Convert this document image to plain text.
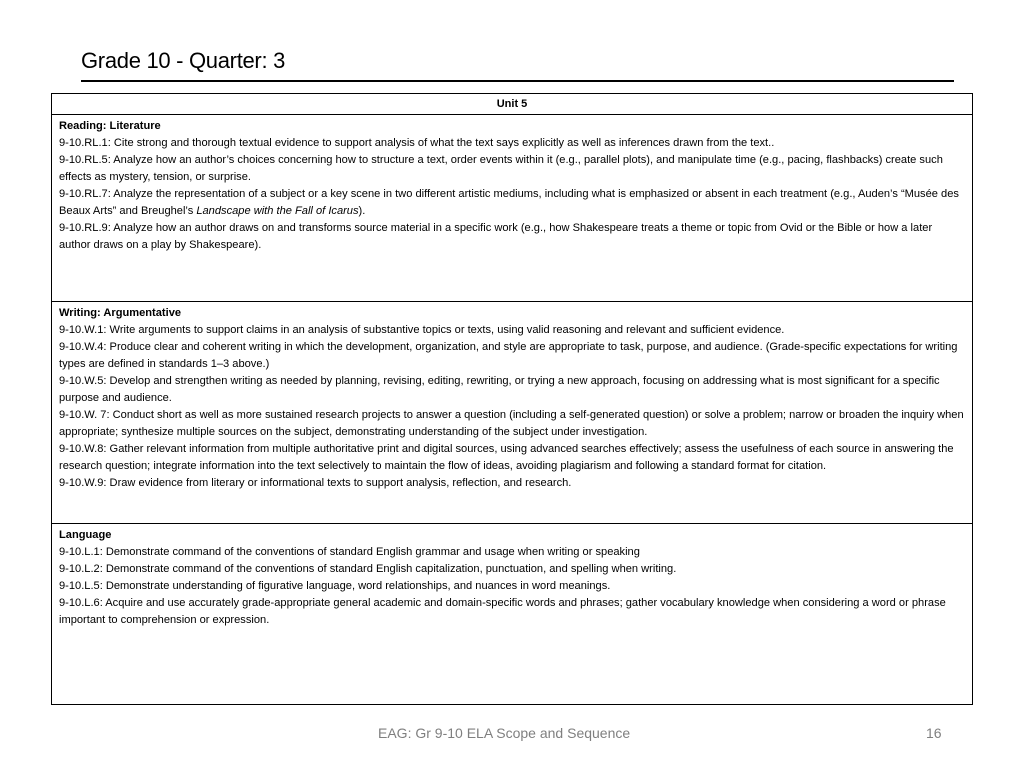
Grade 10 - Quarter: 3
Unit 5
Reading: Literature
9-10.RL.1: Cite strong and thorough textual evidence to support analysis of what the text says explicitly as well as inferences drawn from the text..
9-10.RL.5: Analyze how an author’s choices concerning how to structure a text, order events within it (e.g., parallel plots), and manipulate time (e.g., pacing, flashbacks) create such effects as mystery, tension, or surprise.
9-10.RL.7: Analyze the representation of a subject or a key scene in two different artistic mediums, including what is emphasized or absent in each treatment (e.g., Auden’s “Musée des Beaux Arts” and Breughel’s Landscape with the Fall of Icarus).
9-10.RL.9: Analyze how an author draws on and transforms source material in a specific work (e.g., how Shakespeare treats a theme or topic from Ovid or the Bible or how a later author draws on a play by Shakespeare).
Writing: Argumentative
9-10.W.1: Write arguments to support claims in an analysis of substantive topics or texts, using valid reasoning and relevant and sufficient evidence.
9-10.W.4: Produce clear and coherent writing in which the development, organization, and style are appropriate to task, purpose, and audience. (Grade-specific expectations for writing types are defined in standards 1–3 above.)
9-10.W.5: Develop and strengthen writing as needed by planning, revising, editing, rewriting, or trying a new approach, focusing on addressing what is most significant for a specific purpose and audience.
9-10.W. 7: Conduct short as well as more sustained research projects to answer a question (including a self-generated question) or solve a problem; narrow or broaden the inquiry when appropriate; synthesize multiple sources on the subject, demonstrating understanding of the subject under investigation.
9-10.W.8: Gather relevant information from multiple authoritative print and digital sources, using advanced searches effectively; assess the usefulness of each source in answering the research question; integrate information into the text selectively to maintain the flow of ideas, avoiding plagiarism and following a standard format for citation.
9-10.W.9: Draw evidence from literary or informational texts to support analysis, reflection, and research.
Language
9-10.L.1: Demonstrate command of the conventions of standard English grammar and usage when writing or speaking
9-10.L.2: Demonstrate command of the conventions of standard English capitalization, punctuation, and spelling when writing.
9-10.L.5: Demonstrate understanding of figurative language, word relationships, and nuances in word meanings.
9-10.L.6: Acquire and use accurately grade-appropriate general academic and domain-specific words and phrases; gather vocabulary knowledge when considering a word or phrase important to comprehension or expression.
EAG: Gr 9-10 ELA Scope and Sequence	16
